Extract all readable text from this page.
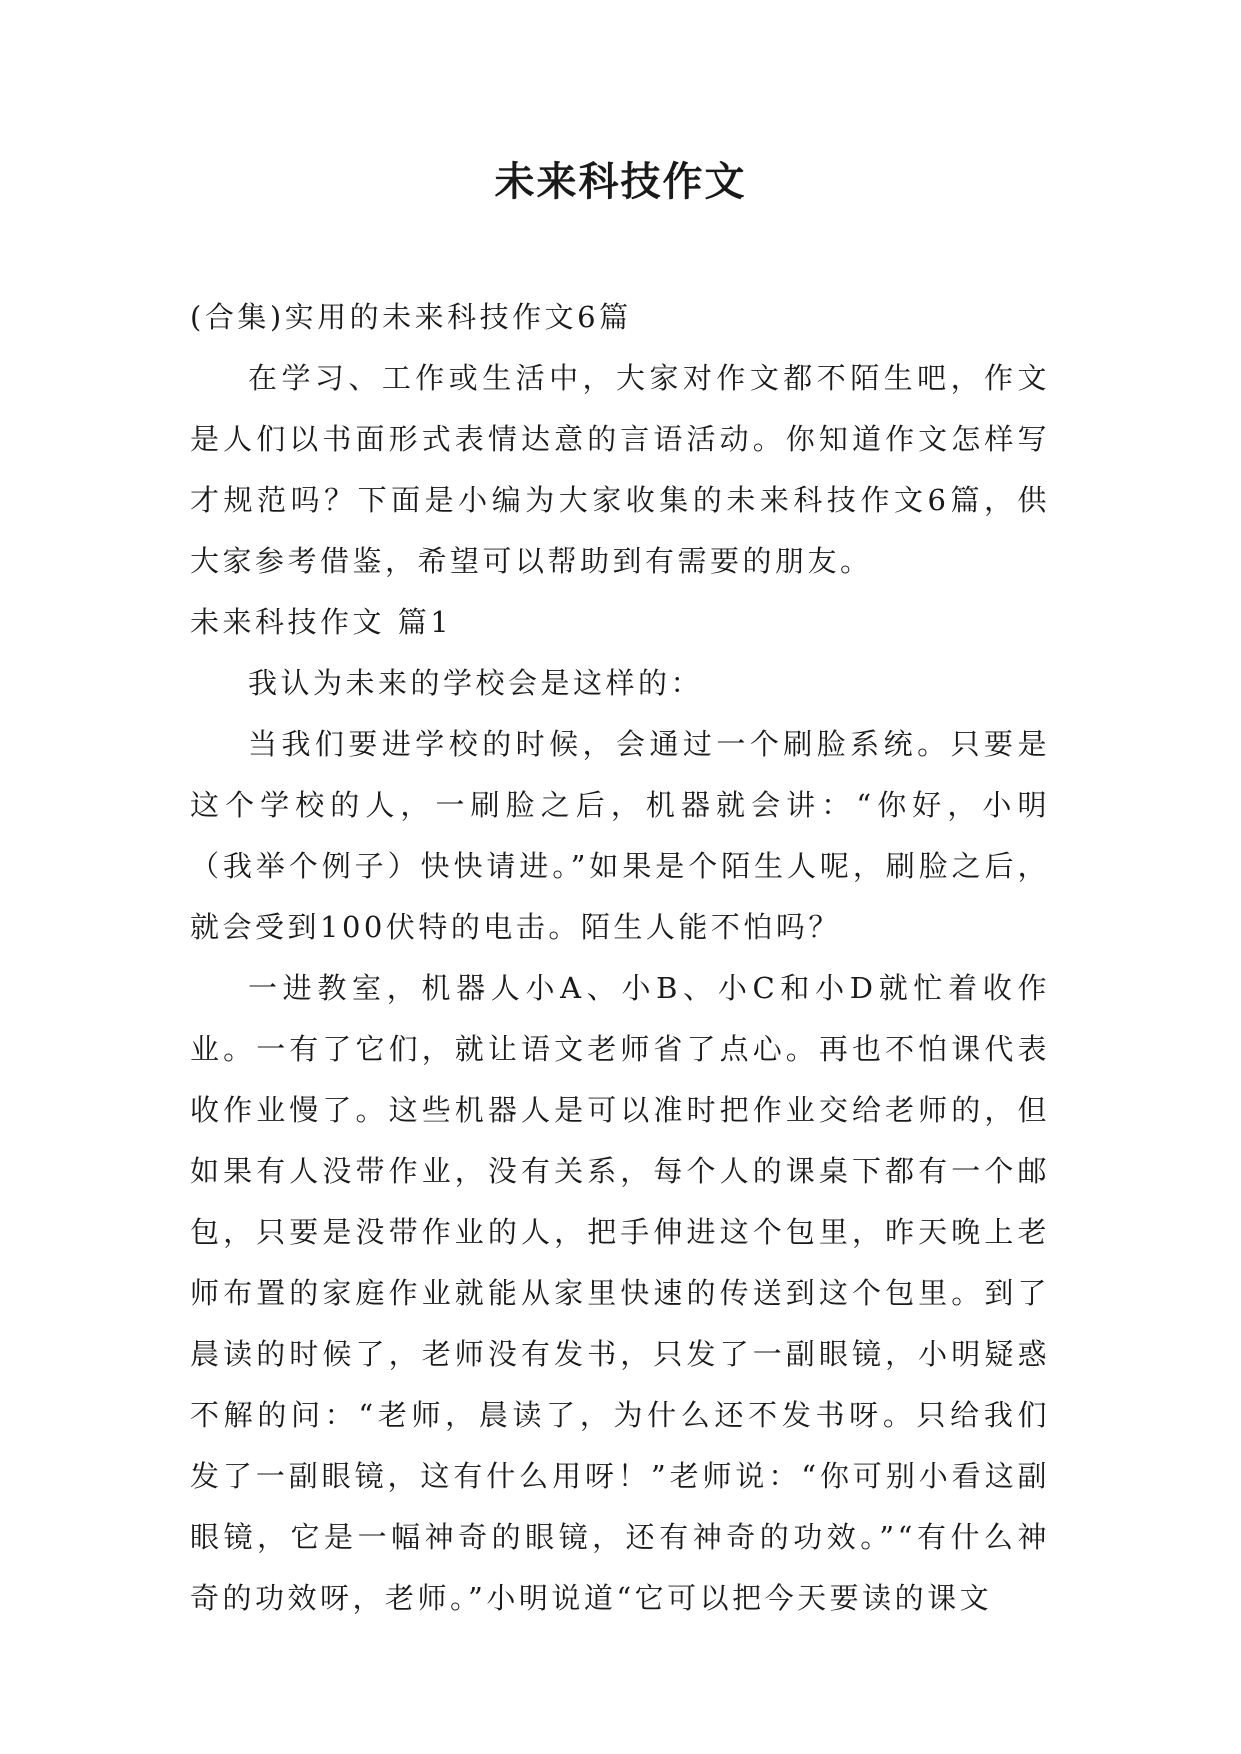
未来科技作文

(合集)实用的未来科技作文6篇

在学习、工作或生活中，大家对作文都不陌生吧，作文是人们以书面形式表情达意的言语活动。你知道作文怎样写才规范吗？下面是小编为大家收集的未来科技作文6篇，供大家参考借鉴，希望可以帮助到有需要的朋友。

未来科技作文 篇1

我认为未来的学校会是这样的：

当我们要进学校的时候，会通过一个刷脸系统。只要是这个学校的人，一刷脸之后，机器就会讲：“你好，小明（我举个例子）快快请进。”如果是个陌生人呢，刷脸之后，就会受到100伏特的电击。陌生人能不怕吗？

一进教室，机器人小A、小B、小C和小D就忙着收作业。一有了它们，就让语文老师省了点心。再也不怕课代表收作业慢了。这些机器人是可以准时把作业交给老师的，但如果有人没带作业，没有关系，每个人的课桌下都有一个邮包，只要是没带作业的人，把手伸进这个包里，昨天晚上老师布置的家庭作业就能从家里快速的传送到这个包里。到了晨读的时候了，老师没有发书，只发了一副眼镜，小明疑惑不解的问：“老师，晨读了，为什么还不发书呀。只给我们发了一副眼镜，这有什么用呀！”老师说：“你可别小看这副眼镜，它是一幅神奇的眼镜，还有神奇的功效。”“有什么神奇的功效呀，老师。”小明说道“它可以把今天要读的课文
